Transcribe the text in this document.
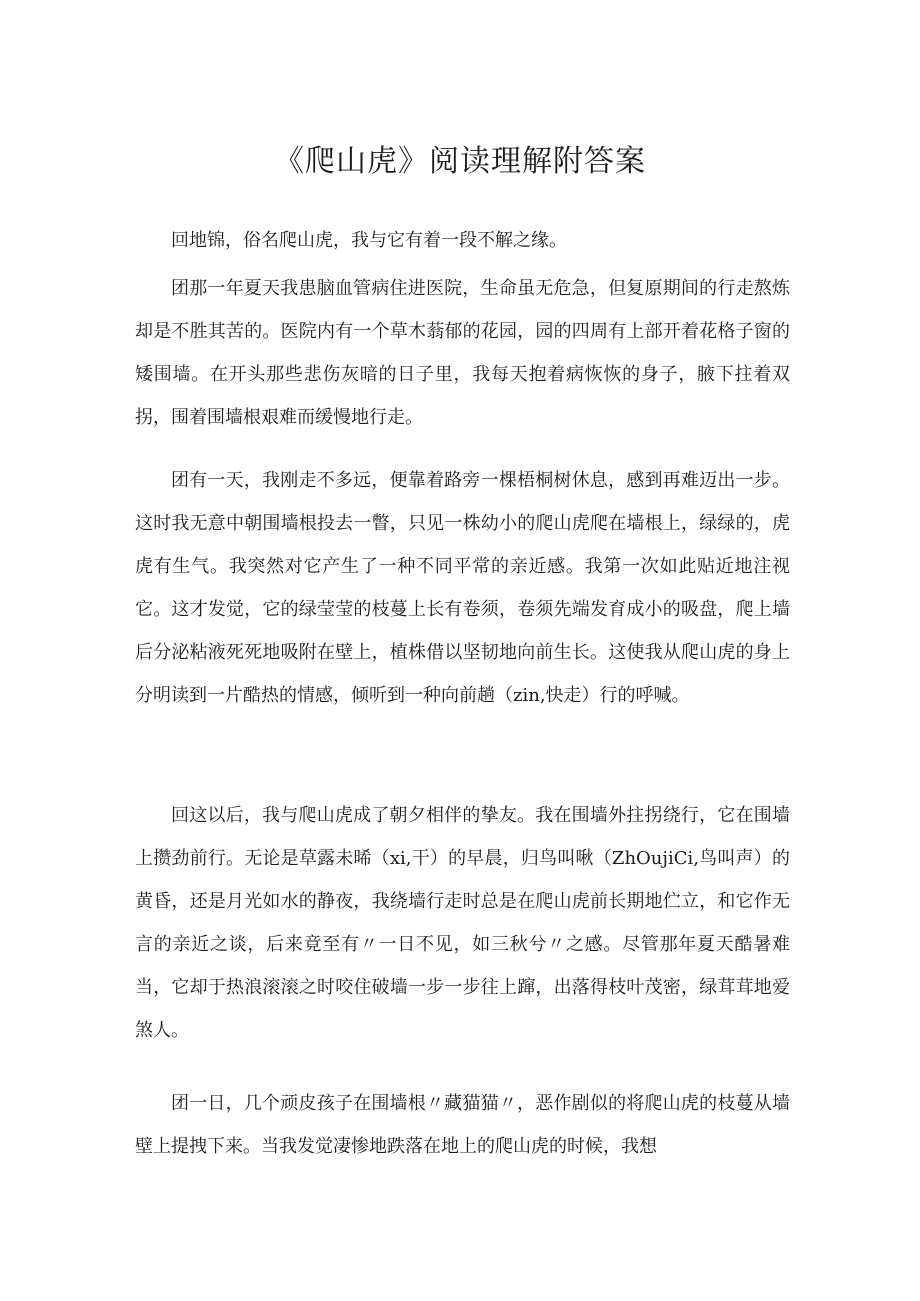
《爬山虎》阅读理解附答案

回地锦，俗名爬山虎，我与它有着一段不解之缘。

团那一年夏天我患脑血管病住进医院，生命虽无危急，但复原期间的行走熬炼却是不胜其苦的。医院内有一个草木蓊郁的花园，园的四周有上部开着花格子窗的矮围墙。在开头那些悲伤灰暗的日子里，我每天抱着病恢恢的身子，腋下拄着双拐，围着围墙根艰难而缓慢地行走。

团有一天，我刚走不多远，便靠着路旁一棵梧桐树休息，感到再难迈出一步。这时我无意中朝围墙根投去一瞥，只见一株幼小的爬山虎爬在墙根上，绿绿的，虎虎有生气。我突然对它产生了一种不同平常的亲近感。我第一次如此贴近地注视它。这才发觉，它的绿莹莹的枝蔓上长有卷须，卷须先端发育成小的吸盘，爬上墙后分泌粘液死死地吸附在壁上，植株借以坚韧地向前生长。这使我从爬山虎的身上分明读到一片酷热的情感，倾听到一种向前趟（zin,快走）行的呼喊。

回这以后，我与爬山虎成了朝夕相伴的挚友。我在围墙外拄拐绕行，它在围墙上攒劲前行。无论是草露未晞（xi,干）的早晨，归鸟叫啾（ZhOujiCi,鸟叫声）的黄昏，还是月光如水的静夜，我绕墙行走时总是在爬山虎前长期地伫立，和它作无言的亲近之谈，后来竟至有〃一日不见，如三秋兮〃之感。尽管那年夏天酷暑难当，它却于热浪滚滚之时咬住破墙一步一步往上蹿，出落得枝叶茂密，绿茸茸地爱煞人。

团一日，几个顽皮孩子在围墙根〃藏猫猫〃，恶作剧似的将爬山虎的枝蔓从墙壁上提拽下来。当我发觉凄惨地跌落在地上的爬山虎的时候，我想
